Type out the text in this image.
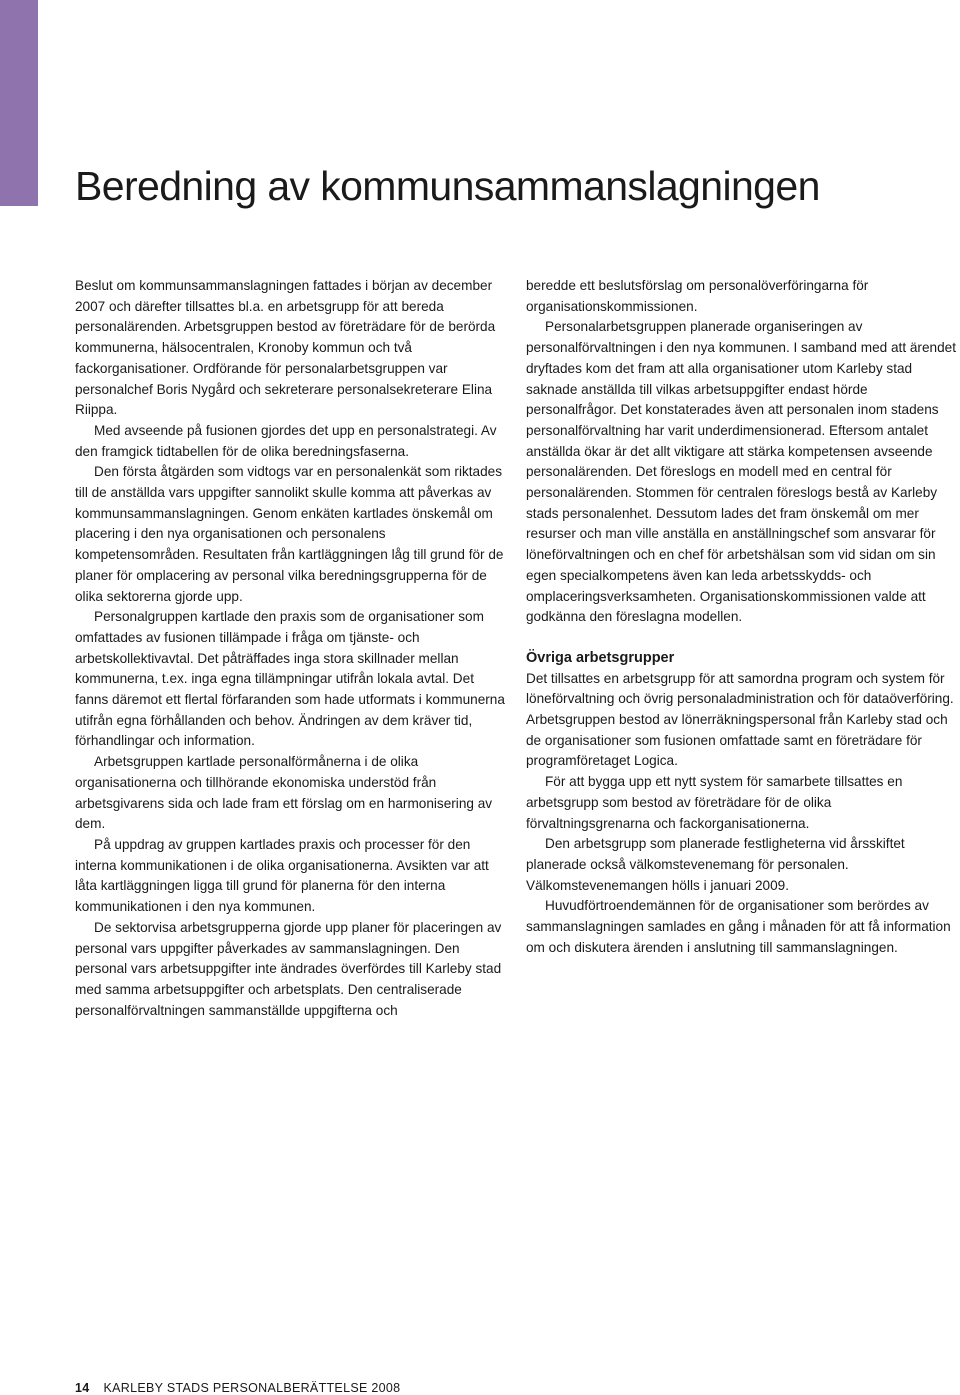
Beredning av kommunsammanslagningen

Beslut om kommunsammanslagningen fattades i början av december 2007 och därefter tillsattes bl.a. en arbetsgrupp för att bereda personalärenden. Arbetsgruppen bestod av företrädare för de berörda kommunerna, hälsocentralen, Kronoby kommun och två fackorganisationer. Ordförande för personalarbetsgruppen var personalchef Boris Nygård och sekreterare personalsekreterare Elina Riippa.

Med avseende på fusionen gjordes det upp en personalstrategi. Av den framgick tidtabellen för de olika beredningsfaserna.

Den första åtgärden som vidtogs var en personalenkät som riktades till de anställda vars uppgifter sannolikt skulle komma att påverkas av kommunsammanslagningen. Genom enkäten kartlades önskemål om placering i den nya organisationen och personalens kompetensområden. Resultaten från kartläggningen låg till grund för de planer för omplacering av personal vilka beredningsgrupperna för de olika sektorerna gjorde upp.

Personalgruppen kartlade den praxis som de organisationer som omfattades av fusionen tillämpade i fråga om tjänste- och arbetskollektivavtal. Det påträffades inga stora skillnader mellan kommunerna, t.ex. inga egna tillämpningar utifrån lokala avtal. Det fanns däremot ett flertal förfaranden som hade utformats i kommunerna utifrån egna förhållanden och behov. Ändringen av dem kräver tid, förhandlingar och information.

Arbetsgruppen kartlade personalförmånerna i de olika organisationerna och tillhörande ekonomiska understöd från arbetsgivarens sida och lade fram ett förslag om en harmonisering av dem.

På uppdrag av gruppen kartlades praxis och processer för den interna kommunikationen i de olika organisationerna. Avsikten var att låta kartläggningen ligga till grund för planerna för den interna kommunikationen i den nya kommunen.

De sektorvisa arbetsgrupperna gjorde upp planer för placeringen av personal vars uppgifter påverkades av sammanslagningen. Den personal vars arbetsuppgifter inte ändrades överfördes till Karleby stad med samma arbetsuppgifter och arbetsplats. Den centraliserade personalförvaltningen sammanställde uppgifterna och

beredde ett beslutsförslag om personalöverföringarna för organisationskommissionen.

Personalarbetsgruppen planerade organiseringen av personalförvaltningen i den nya kommunen. I samband med att ärendet dryftades kom det fram att alla organisationer utom Karleby stad saknade anställda till vilkas arbetsuppgifter endast hörde personalfrågor. Det konstaterades även att personalen inom stadens personalförvaltning har varit underdimensionerad. Eftersom antalet anställda ökar är det allt viktigare att stärka kompetensen avseende personalärenden. Det föreslogs en modell med en central för personalärenden. Stommen för centralen föreslogs bestå av Karleby stads personalenhet. Dessutom lades det fram önskemål om mer resurser och man ville anställa en anställningschef som ansvarar för löneförvaltningen och en chef för arbetshälsan som vid sidan om sin egen specialkompetens även kan leda arbetsskydds- och omplaceringsverksamheten. Organisationskommissionen valde att godkänna den föreslagna modellen.

Övriga arbetsgrupper

Det tillsattes en arbetsgrupp för att samordna program och system för löneförvaltning och övrig personaladministration och för dataöverföring. Arbetsgruppen bestod av lönerräkningspersonal från Karleby stad och de organisationer som fusionen omfattade samt en företrädare för programföretaget Logica.

För att bygga upp ett nytt system för samarbete tillsattes en arbetsgrupp som bestod av företrädare för de olika förvaltningsgrenarna och fackorganisationerna.

Den arbetsgrupp som planerade festligheterna vid årsskiftet planerade också välkomstevenemang för personalen. Välkomstevenemangen hölls i januari 2009.

Huvudförtroendemännen för de organisationer som berördes av sammanslagningen samlades en gång i månaden för att få information om och diskutera ärenden i anslutning till sammanslagningen.

14 KARLEBY STADS PERSONALBERÄTTELSE 2008
